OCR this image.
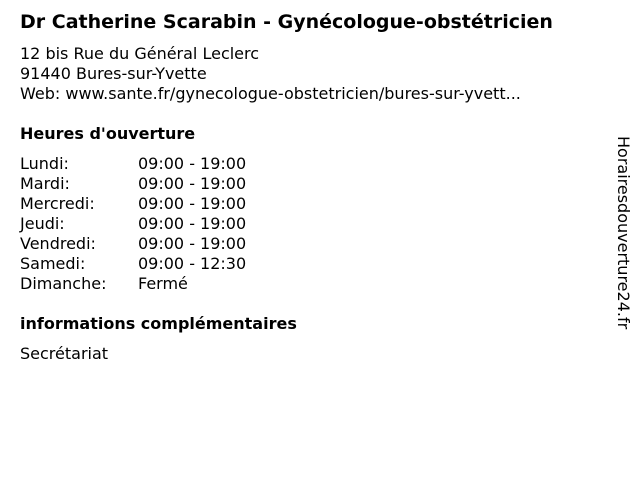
Dr Catherine Scarabin - Gynécologue-obstétricien
12 bis Rue du Général Leclerc
91440 Bures-sur-Yvette
Web: www.sante.fr/gynecologue-obstetricien/bures-sur-yvett...
Heures d'ouverture
Lundi:	09:00 - 19:00
Mardi:	09:00 - 19:00
Mercredi:	09:00 - 19:00
Jeudi:	09:00 - 19:00
Vendredi:	09:00 - 19:00
Samedi:	09:00 - 12:30
Dimanche:	Fermé
informations complémentaires
Secrétariat
Horairesdouverture24.fr
